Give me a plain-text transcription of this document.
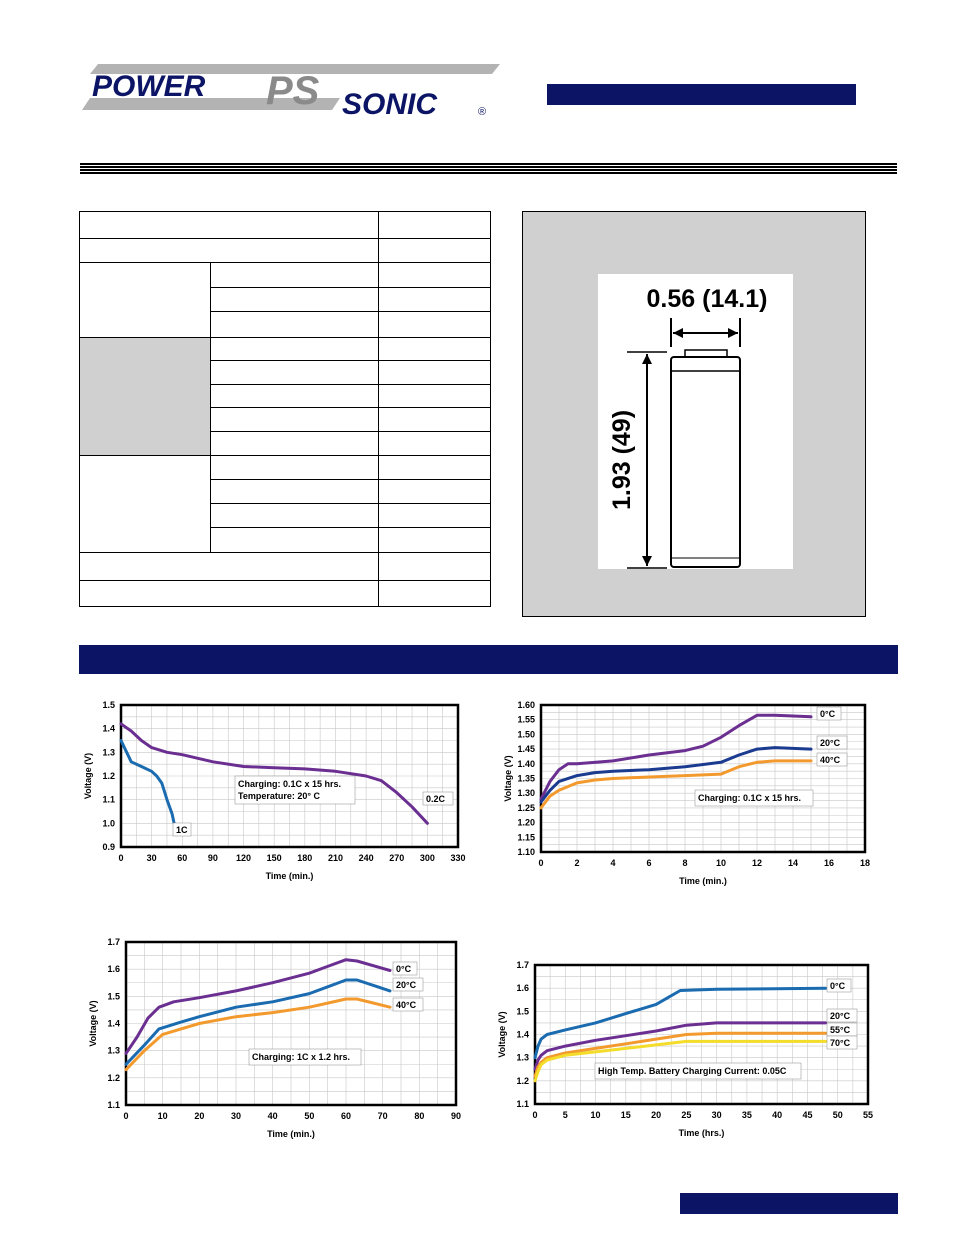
POWER PS SONIC	®
0.56 (14.1)
1.93 (49)
0	30 60 90 120 150 180 210 240 270 300 330
1.5
1.4
1.3
1.2
1.1
1.0
0.9
Time (min.)
Voltage (V)
1C
0.2C
Charging: 0.1C x 15 hrs.
Temperature: 20° C
0	2	4	6	8	10	12	14	16	18
1.60
1.55
1.50
1.45
1.40
1.35
1.30
1.25
1.20
1.15
1.10
Time (min.)
Voltage (V)
0°C
20°C
40°C
Charging: 0.1C x 15 hrs.
0	10	20	30	40	50	60	70	80	90
1.7
1.6
1.5
1.4
1.3
1.2
1.1
Time (min.)
Voltage (V)
0°C
20°C
40°C
Charging: 1C x 1.2 hrs.
0	5	10 15 20 25 30 35 40 45 50 55
1.7
1.6
1.5
1.4
1.3
1.2
1.1
Time (hrs.)
Voltage (V)
0°C
20°C
55°C
70°C
High Temp. Battery Charging Current: 0.05C
